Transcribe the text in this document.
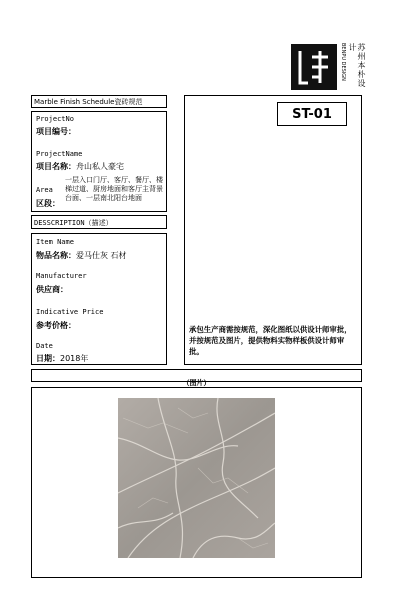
苏州本朴设计
BENPU DESIGN
Marble Finish Schedule瓷砖规范
ProjectNo
项目编号：
ProjectName
项目名称：舟山私人豪宅
Area
区段：
一层入口门厅、客厅、餐厅、楼梯过道、厨房地面和客厅主背景台面、一层南北阳台地面
DESSCRIPTION（描述）
Item Name
物品名称：爱马仕灰 石材
Manufacturer
供应商：
Indicative Price
参考价格：
Date
日期：2018年
ST-01
承包生产商需按规范，深化图纸以供设计师审批，并按规范及图片，提供物料实物样板供设计师审批。
（图片）
